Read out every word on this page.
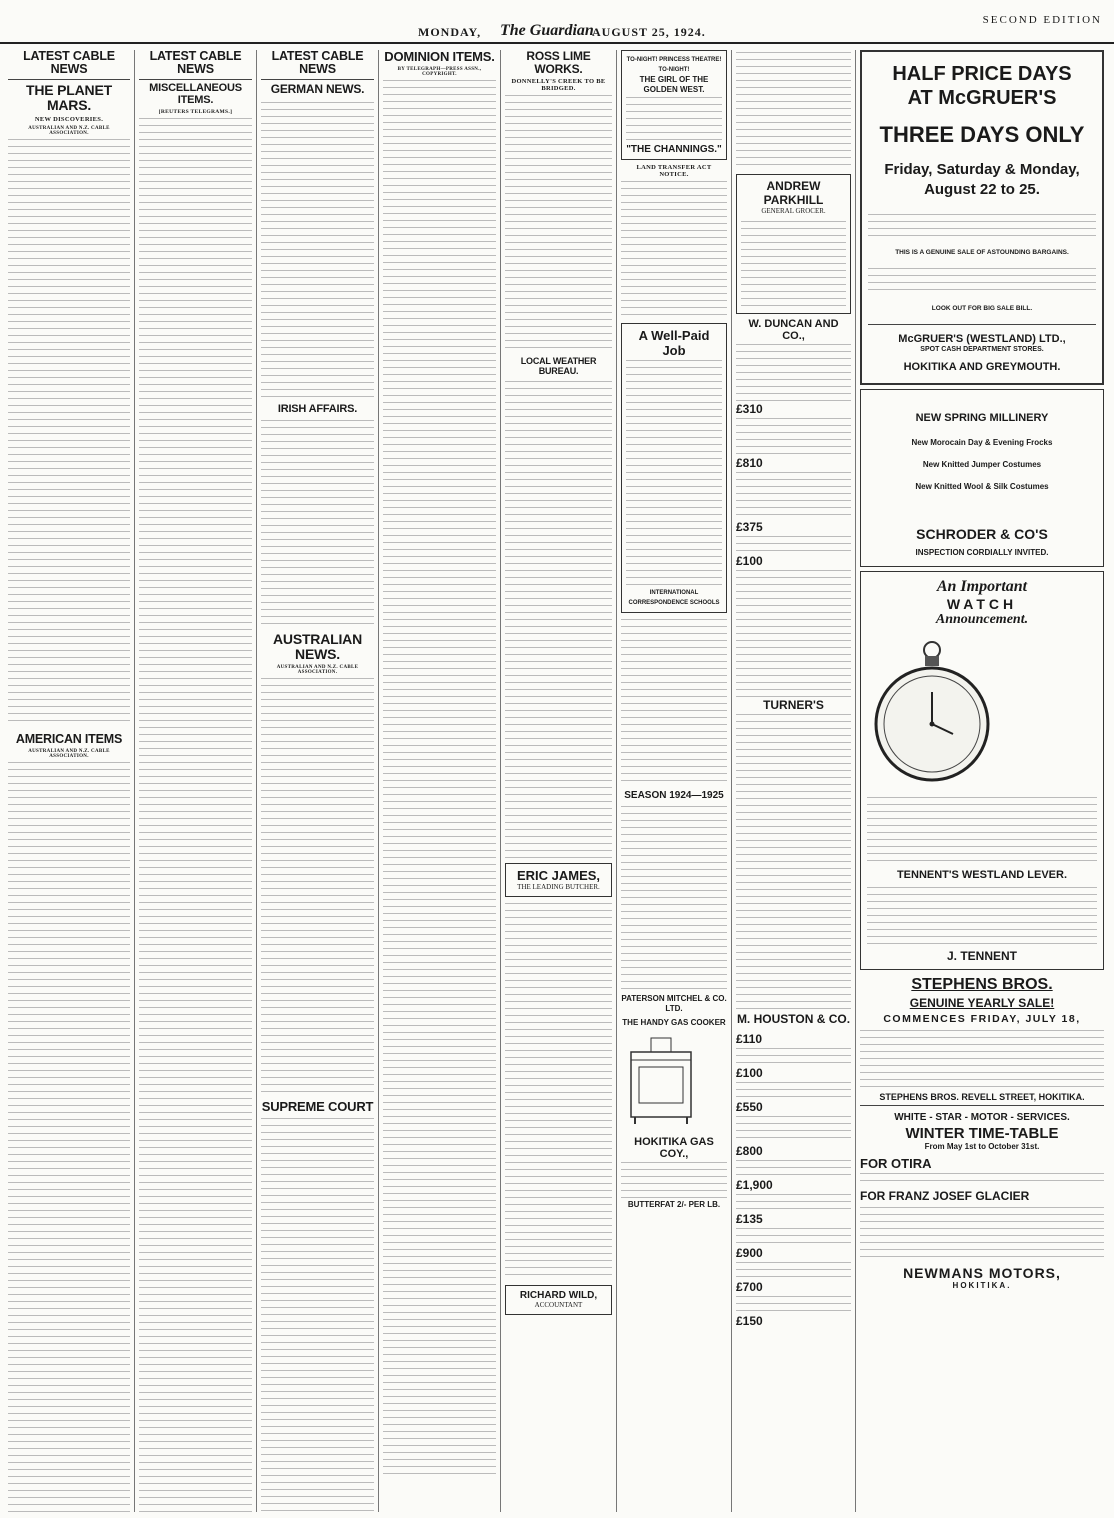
MONDAY, The Guardian
AUGUST 25, 1924.
SECOND EDITION
LATEST CABLE NEWS
THE PLANET MARS.
NEW DISCOVERIES.
AUSTRALIAN AND N.Z. CABLE ASSOCIATION.
AMERICAN ITEMS
AUSTRALIAN AND N.Z. CABLE ASSOCIATION.
LATEST CABLE NEWS
MISCELLANEOUS ITEMS.
[REUTERS TELEGRAMS.]
LATEST CABLE NEWS
GERMAN NEWS.
IRISH AFFAIRS.
AUSTRALIAN NEWS.
AUSTRALIAN AND N.Z. CABLE ASSOCIATION.
SUPREME COURT
DOMINION ITEMS.
BY TELEGRAPH—PRESS ASSN., COPYRIGHT.
ROSS LIME WORKS.
DONNELLY'S CREEK TO BE BRIDGED.
LOCAL WEATHER BUREAU.
ERIC JAMES,
THE LEADING BUTCHER.
RICHARD WILD,
ACCOUNTANT
TO-NIGHT! PRINCESS THEATRE! TO-NIGHT!
THE GIRL OF THE GOLDEN WEST.
"THE CHANNINGS."
LAND TRANSFER ACT NOTICE.
A Well-Paid Job
INTERNATIONAL CORRESPONDENCE SCHOOLS
SEASON 1924—1925
PATERSON MITCHEL & CO. LTD.
THE HANDY GAS COOKER
HOKITIKA GAS COY.,
BUTTERFAT 2/- PER LB.
ANDREW PARKHILL
GENERAL GROCER.
W. DUNCAN AND CO.,
£310
£810
£375
£100
TURNER'S
M. HOUSTON & CO.
£110
£100
£550
£800
£1,900
£135
£900
£700
£150
HALF PRICE DAYS
AT McGRUER'S
THREE DAYS ONLY
Friday, Saturday & Monday, August 22 to 25.
THIS IS A GENUINE SALE OF ASTOUNDING BARGAINS.
LOOK OUT FOR BIG SALE BILL.
McGRUER'S (WESTLAND) LTD.,
SPOT CASH DEPARTMENT STORES.
HOKITIKA AND GREYMOUTH.
NEW SPRING MILLINERY
New Morocain Day & Evening Frocks
New Knitted Jumper Costumes
New Knitted Wool & Silk Costumes
SCHRODER & CO'S
INSPECTION CORDIALLY INVITED.
An Important
WATCH
Announcement.
TENNENT'S WESTLAND LEVER.
J. TENNENT
STEPHENS BROS.
GENUINE YEARLY SALE!
COMMENCES FRIDAY, JULY 18,
STEPHENS BROS. REVELL STREET, HOKITIKA.
WHITE - STAR - MOTOR - SERVICES.
WINTER TIME-TABLE
From May 1st to October 31st.
FOR OTIRA
FOR FRANZ JOSEF GLACIER
NEWMANS MOTORS,
HOKITIKA.
